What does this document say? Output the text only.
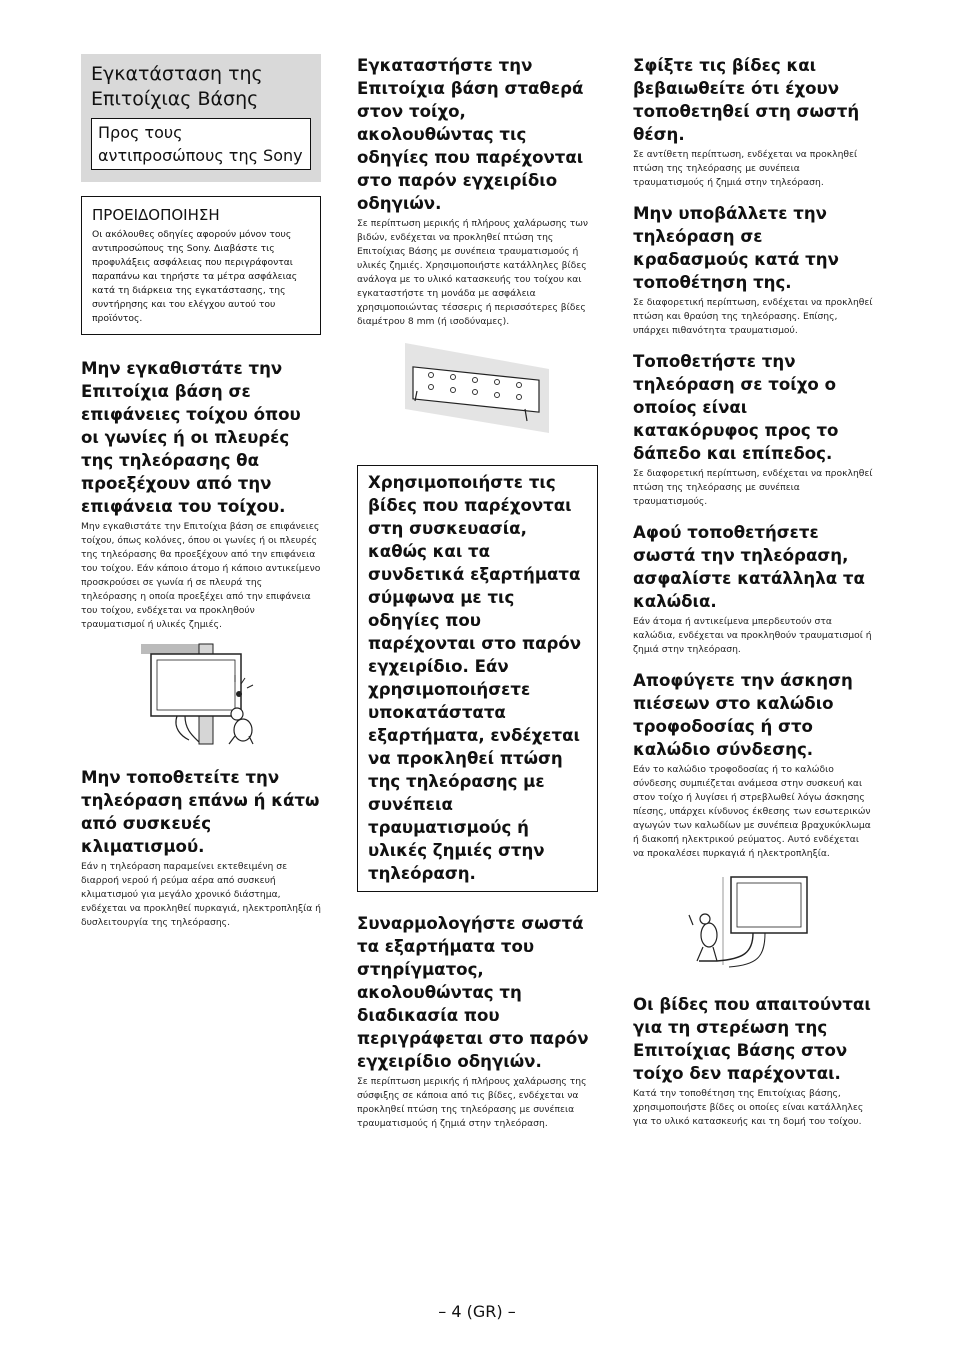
Εγκατάσταση της Επιτοίχιας Βάσης
Προς τους αντιπροσώπους της Sony
ΠΡΟΕΙΔΟΠΟΙΗΣΗ

Οι ακόλουθες οδηγίες αφορούν μόνον τους αντιπροσώπους της Sony. Διαβάστε τις προφυλάξεις ασφάλειας που περιγράφονται παραπάνω και τηρήστε τα μέτρα ασφάλειας κατά τη διάρκεια της εγκατάστασης, της συντήρησης και του ελέγχου αυτού του προϊόντος.

Μην εγκαθιστάτε την Επιτοίχια βάση σε επιφάνειες τοίχου όπου οι γωνίες ή οι πλευρές της τηλεόρασης θα προεξέχουν από την επιφάνεια του τοίχου.

Μην εγκαθιστάτε την Επιτοίχια βάση σε επιφάνειες τοίχου, όπως κολόνες, όπου οι γωνίες ή οι πλευρές της τηλεόρασης θα προεξέχουν από την επιφάνεια του τοίχου. Εάν κάποιο άτομο ή κάποιο αντικείμενο προσκρούσει σε γωνία ή σε πλευρά της τηλεόρασης η οποία προεξέχει από την επιφάνεια του τοίχου, ενδέχεται να προκληθούν τραυματισμοί ή υλικές ζημιές.

Μην τοποθετείτε την τηλεόραση επάνω ή κάτω από συσκευές κλιματισμού.

Εάν η τηλεόραση παραμείνει εκτεθειμένη σε διαρροή νερού ή ρεύμα αέρα από συσκευή κλιματισμού για μεγάλο χρονικό διάστημα, ενδέχεται να προκληθεί πυρκαγιά, ηλεκτροπληξία ή δυσλειτουργία της τηλεόρασης.

Εγκαταστήστε την Επιτοίχια βάση σταθερά στον τοίχο, ακολουθώντας τις οδηγίες που παρέχονται στο παρόν εγχειρίδιο οδηγιών.

Σε περίπτωση μερικής ή πλήρους χαλάρωσης των βιδών, ενδέχεται να προκληθεί πτώση της Επιτοίχιας Βάσης με συνέπεια τραυματισμούς ή υλικές ζημιές. Χρησιμοποιήστε κατάλληλες βίδες ανάλογα με το υλικό κατασκευής του τοίχου και εγκαταστήστε τη μονάδα με ασφάλεια χρησιμοποιώντας τέσσερις ή περισσότερες βίδες διαμέτρου 8 mm (ή ισοδύναμες).

Χρησιμοποιήστε τις βίδες που παρέχονται στη συσκευασία, καθώς και τα συνδετικά εξαρτήματα σύμφωνα με τις οδηγίες που παρέχονται στο παρόν εγχειρίδιο. Εάν χρησιμοποιήσετε υποκατάστατα εξαρτήματα, ενδέχεται να προκληθεί πτώση της τηλεόρασης με συνέπεια τραυματισμούς ή υλικές ζημιές στην τηλεόραση.
Συναρμολογήστε σωστά τα εξαρτήματα του στηρίγματος, ακολουθώντας τη διαδικασία που περιγράφεται στο παρόν εγχειρίδιο οδηγιών.

Σε περίπτωση μερικής ή πλήρους χαλάρωσης της σύσφιξης σε κάποια από τις βίδες, ενδέχεται να προκληθεί πτώση της τηλεόρασης με συνέπεια τραυματισμούς ή ζημιά στην τηλεόραση.

Σφίξτε τις βίδες και βεβαιωθείτε ότι έχουν τοποθετηθεί στη σωστή θέση.

Σε αντίθετη περίπτωση, ενδέχεται να προκληθεί πτώση της τηλεόρασης με συνέπεια τραυματισμούς ή ζημιά στην τηλεόραση.

Μην υποβάλλετε την τηλεόραση σε κραδασμούς κατά την τοποθέτηση της.

Σε διαφορετική περίπτωση, ενδέχεται να προκληθεί πτώση και θραύση της τηλεόρασης. Επίσης, υπάρχει πιθανότητα τραυματισμού.

Τοποθετήστε την τηλεόραση σε τοίχο ο οποίος είναι κατακόρυφος προς το δάπεδο και επίπεδος.

Σε διαφορετική περίπτωση, ενδέχεται να προκληθεί πτώση της τηλεόρασης με συνέπεια τραυματισμούς.

Αφού τοποθετήσετε σωστά την τηλεόραση, ασφαλίστε κατάλληλα τα καλώδια.

Εάν άτομα ή αντικείμενα μπερδευτούν στα καλώδια, ενδέχεται να προκληθούν τραυματισμοί ή ζημιά στην τηλεόραση.

Αποφύγετε την άσκηση πιέσεων στο καλώδιο τροφοδοσίας ή στο καλώδιο σύνδεσης.

Εάν το καλώδιο τροφοδοσίας ή το καλώδιο σύνδεσης συμπιέζεται ανάμεσα στην συσκευή και στον τοίχο ή λυγίσει ή στρεβλωθεί λόγω άσκησης πίεσης, υπάρχει κίνδυνος έκθεσης των εσωτερικών αγωγών των καλωδίων με συνέπεια βραχυκύκλωμα ή διακοπή ηλεκτρικού ρεύματος. Αυτό ενδέχεται να προκαλέσει πυρκαγιά ή ηλεκτροπληξία.

Οι βίδες που απαιτούνται για τη στερέωση της Επιτοίχιας Βάσης στον τοίχο δεν παρέχονται.

Κατά την τοποθέτηση της Επιτοίχιας βάσης, χρησιμοποιήστε βίδες οι οποίες είναι κατάλληλες για το υλικό κατασκευής και τη δομή του τοίχου.

– 4 (GR) –
